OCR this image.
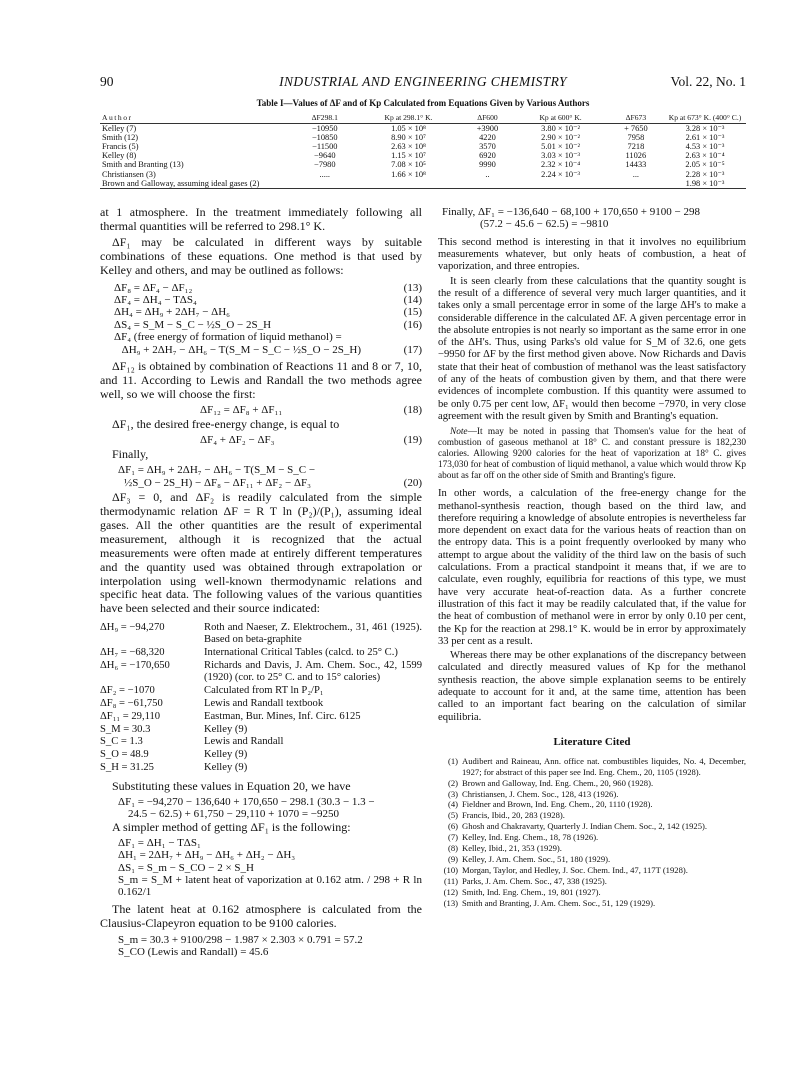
90	INDUSTRIAL AND ENGINEERING CHEMISTRY	Vol. 22, No. 1
Table I—Values of ΔF and of Kp Calculated from Equations Given by Various Authors
Author	ΔF298.1	Kp at 298.1° K.	ΔF600	Kp at 600° K.	ΔF673	Kp at 673° K. (400° C.)
Kelley (7)	−10950	1.05 × 10⁸	+3900	3.80 × 10⁻²	+ 7650	3.28 × 10⁻³
Smith (12)	−10850	8.90 × 10⁷	4220	2.90 × 10⁻²	7958	2.61 × 10⁻³
Francis (5)	−11500	2.63 × 10⁸	3570	5.01 × 10⁻²	7218	4.53 × 10⁻³
Kelley (8)	−9640	1.15 × 10⁷	6920	3.03 × 10⁻³	11026	2.63 × 10⁻⁴
Smith and Branting (13)	−7980	7.08 × 10⁵	9990	2.32 × 10⁻⁴	14433	2.05 × 10⁻⁵
Christiansen (3)	.....	1.66 × 10⁸	..	2.24 × 10⁻³	...	2.28 × 10⁻³
Brown and Galloway, assuming ideal gases (2)						1.98 × 10⁻³

at 1 atmosphere. In the treatment immediately following all thermal quantities will be referred to 298.1° K.

ΔF₁ may be calculated in different ways by suitable combinations of these equations. One method is that used by Kelley and others, and may be outlined as follows:

ΔF₈ = ΔF₄ − ΔF₁₂	(13)
ΔF₄ = ΔH₄ − TΔS₄	(14)
ΔH₄ = ΔH₉ + 2ΔH₇ − ΔH₆	(15)
ΔS₄ = S_M − S_C − ½S_O − 2S_H	(16)
ΔF₄ (free energy of formation of liquid methanol) =
ΔH₉ + 2ΔH₇ − ΔH₆ − T(S_M − S_C − ½S_O − 2S_H)	(17)

ΔF₁₂ is obtained by combination of Reactions 11 and 8 or 7, 10, and 11. According to Lewis and Randall the two methods agree well, so we will choose the first:

ΔF₁₂ = ΔF₈ + ΔF₁₁	(18)

ΔF₁, the desired free-energy change, is equal to

ΔF₄ + ΔF₂ − ΔF₃	(19)

Finally,

ΔF₁ = ΔH₉ + 2ΔH₇ − ΔH₆ − T(S_M − S_C −
½S_O − 2S_H) − ΔF₈ − ΔF₁₁ + ΔF₂ − ΔF₃	(20)

ΔF₃ = 0, and ΔF₂ is readily calculated from the simple thermodynamic relation ΔF = R T ln (P₂)/(P₁), assuming ideal gases. All the other quantities are the result of experimental measurement, although it is recognized that the actual measurements were often made at entirely different temperatures and the quantity used was obtained through extrapolation or interpolation using well-known thermodynamic relations and specific heat data. The following values of the various quantities have been selected and their source indicated:

ΔH₉ = −94,270	Roth and Naeser, Z. Elektrochem., 31, 461 (1925). Based on beta-graphite
ΔH₇ = −68,320	International Critical Tables (calcd. to 25° C.)
ΔH₆ = −170,650	Richards and Davis, J. Am. Chem. Soc., 42, 1599 (1920) (cor. to 25° C. and to 15° calories)
ΔF₂ = −1070	Calculated from RT ln P₂/P₁
ΔF₈ = −61,750	Lewis and Randall textbook
ΔF₁₁ = 29,110	Eastman, Bur. Mines, Inf. Circ. 6125
S_M = 30.3	Kelley (9)
S_C = 1.3	Lewis and Randall
S_O = 48.9	Kelley (9)
S_H = 31.25	Kelley (9)

Substituting these values in Equation 20, we have

ΔF₁ = −94,270 − 136,640 + 170,650 − 298.1 (30.3 − 1.3 −
24.5 − 62.5) + 61,750 − 29,110 + 1070 = −9250

A simpler method of getting ΔF₁ is the following:

ΔF₁ = ΔH₁ − TΔS₁
ΔH₁ = 2ΔH₇ + ΔH₉ − ΔH₆ + ΔH₂ − ΔH₃
ΔS₁ = S_m − S_CO − 2 × S_H
S_m = S_M + latent heat of vaporization at 0.162 atm. / 298 + R ln 0.162/1

The latent heat at 0.162 atmosphere is calculated from the Clausius-Clapeyron equation to be 9100 calories.

S_m = 30.3 + 9100/298 − 1.987 × 2.303 × 0.791 = 57.2
S_CO (Lewis and Randall) = 45.6
Finally, ΔF₁ = −136,640 − 68,100 + 170,650 + 9100 − 298
(57.2 − 45.6 − 62.5) = −9810

This second method is interesting in that it involves no equilibrium measurements whatever, but only heats of combustion, a heat of vaporization, and three entropies.

It is seen clearly from these calculations that the quantity sought is the result of a difference of several very much larger quantities, and it takes only a small percentage error in some of the large ΔH's to make a considerable difference in the calculated ΔF. A given percentage error in the absolute entropies is not nearly so important as the same error in one of the ΔH's. Thus, using Parks's old value for S_M of 32.6, one gets −9950 for ΔF by the first method given above. Now Richards and Davis state that their heat of combustion of methanol was the least satisfactory of any of the heats of combustion given by them, and that there were evidences of incomplete combustion. If this quantity were assumed to be only 0.75 per cent low, ΔF₁ would then become −7970, in very close agreement with the result given by Smith and Branting's equation.

Note—It may be noted in passing that Thomsen's value for the heat of combustion of gaseous methanol at 18° C. and constant pressure is 182,230 calories. Allowing 9200 calories for the heat of vaporization at 18° C. gives 173,030 for heat of combustion of liquid methanol, a value which would throw Kp about as far off on the other side of Smith and Branting's figure.

In other words, a calculation of the free-energy change for the methanol-synthesis reaction, though based on the third law, and therefore requiring a knowledge of absolute entropies is nevertheless far more dependent on exact data for the various heats of reaction than on the entropy data. This is a point frequently overlooked by many who attempt to argue about the validity of the third law on the basis of such calculations. From a practical standpoint it means that, if we are to calculate, even roughly, equilibria for reactions of this type, we must have very accurate heat-of-reaction data. As a further concrete illustration of this fact it may be readily calculated that, if the value for the heat of combustion of methanol were in error by only 0.10 per cent, the Kp for the reaction at 298.1° K. would be in error by approximately 33 per cent as a result.

Whereas there may be other explanations of the discrepancy between calculated and directly measured values of Kp for the methanol synthesis reaction, the above simple explanation seems to be entirely adequate to account for it and, at the same time, attention has been called to an important fact bearing on the calculation of similar equilibria.

Literature Cited
(1) Audibert and Raineau, Ann. office nat. combustibles liquides, No. 4, December, 1927; for abstract of this paper see Ind. Eng. Chem., 20, 1105 (1928).
(2) Brown and Galloway, Ind. Eng. Chem., 20, 960 (1928).
(3) Christiansen, J. Chem. Soc., 128, 413 (1926).
(4) Fieldner and Brown, Ind. Eng. Chem., 20, 1110 (1928).
(5) Francis, Ibid., 20, 283 (1928).
(6) Ghosh and Chakravarty, Quarterly J. Indian Chem. Soc., 2, 142 (1925).
(7) Kelley, Ind. Eng. Chem., 18, 78 (1926).
(8) Kelley, Ibid., 21, 353 (1929).
(9) Kelley, J. Am. Chem. Soc., 51, 180 (1929).
(10) Morgan, Taylor, and Hedley, J. Soc. Chem. Ind., 47, 117T (1928).
(11) Parks, J. Am. Chem. Soc., 47, 338 (1925).
(12) Smith, Ind. Eng. Chem., 19, 801 (1927).
(13) Smith and Branting, J. Am. Chem. Soc., 51, 129 (1929).
